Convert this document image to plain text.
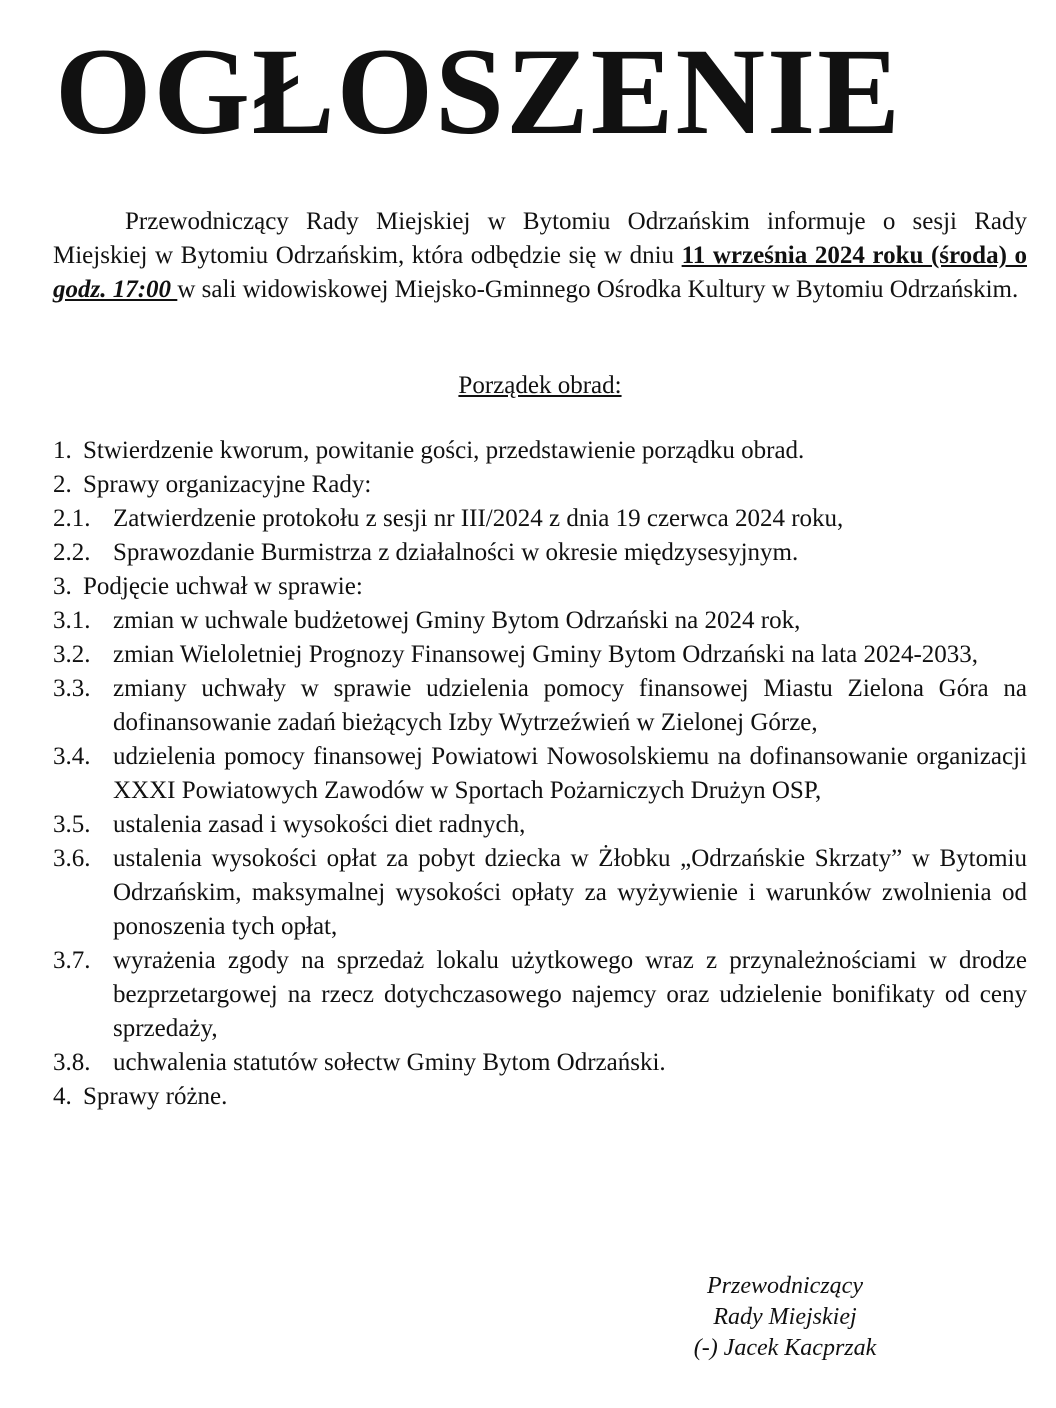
OGŁOSZENIE

Przewodniczący Rady Miejskiej w Bytomiu Odrzańskim informuje o sesji Rady Miejskiej w Bytomiu Odrzańskim, która odbędzie się w dniu 11 września 2024 roku (środa) o godz. 17:00 w sali widowiskowej Miejsko-Gminnego Ośrodka Kultury w Bytomiu Odrzańskim.

Porządek obrad:

1. Stwierdzenie kworum, powitanie gości, przedstawienie porządku obrad.
2. Sprawy organizacyjne Rady:
2.1. Zatwierdzenie protokołu z sesji nr III/2024 z dnia 19 czerwca 2024 roku,
2.2. Sprawozdanie Burmistrza z działalności w okresie międzysesyjnym.
3. Podjęcie uchwał w sprawie:
3.1. zmian w uchwale budżetowej Gminy Bytom Odrzański na 2024 rok,
3.2. zmian Wieloletniej Prognozy Finansowej Gminy Bytom Odrzański na lata 2024-2033,
3.3. zmiany uchwały w sprawie udzielenia pomocy finansowej Miastu Zielona Góra na dofinansowanie zadań bieżących Izby Wytrzeźwień w Zielonej Górze,
3.4. udzielenia pomocy finansowej Powiatowi Nowosolskiemu na dofinansowanie organizacji XXXI Powiatowych Zawodów w Sportach Pożarniczych Drużyn OSP,
3.5. ustalenia zasad i wysokości diet radnych,
3.6. ustalenia wysokości opłat za pobyt dziecka w Żłobku „Odrzańskie Skrzaty” w Bytomiu Odrzańskim, maksymalnej wysokości opłaty za wyżywienie i warunków zwolnienia od ponoszenia tych opłat,
3.7. wyrażenia zgody na sprzedaż lokalu użytkowego wraz z przynależnościami w drodze bezprzetargowej na rzecz dotychczasowego najemcy oraz udzielenie bonifikaty od ceny sprzedaży,
3.8. uchwalenia statutów sołectw Gminy Bytom Odrzański.
4. Sprawy różne.
Przewodniczący
Rady Miejskiej
(-) Jacek Kacprzak
